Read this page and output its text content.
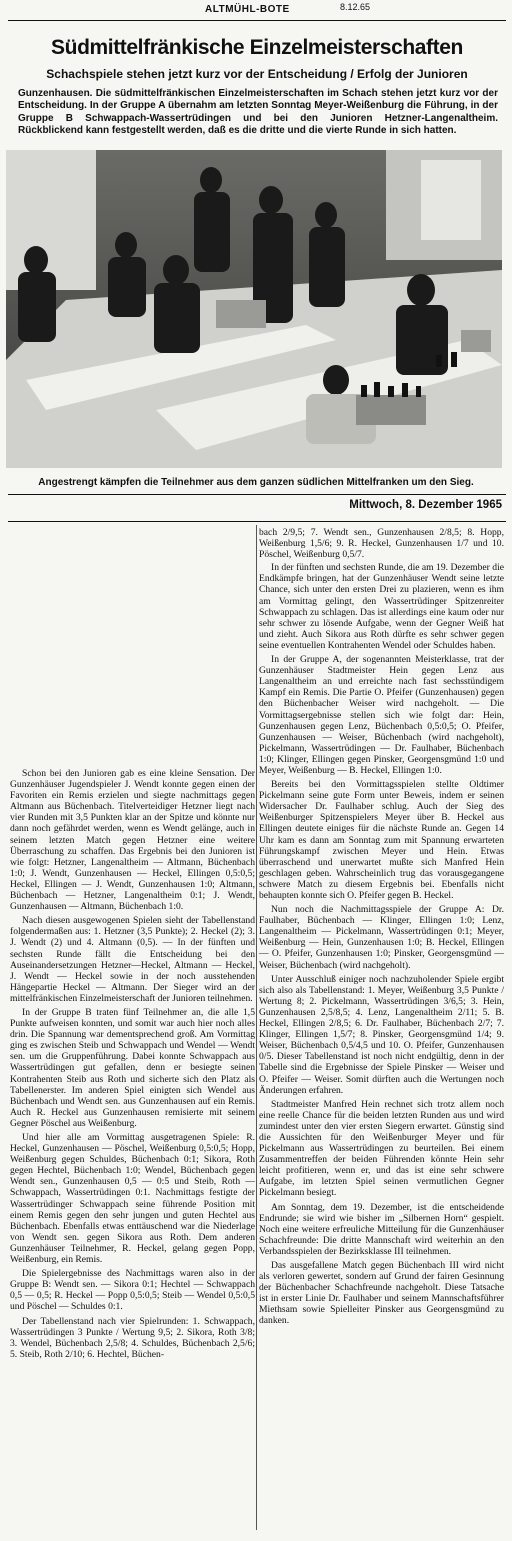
ALTMÜHL-BOTE	8.12.65
Südmittelfränkische Einzelmeisterschaften
Schachspiele stehen jetzt kurz vor der Entscheidung / Erfolg der Junioren

Gunzenhausen. Die südmittelfränkischen Einzelmeisterschaften im Schach stehen jetzt kurz vor der Entscheidung. In der Gruppe A übernahm am letzten Sonntag Meyer-Weißenburg die Führung, in der Gruppe B Schwappach-Wassertrüdingen und bei den Junioren Hetzner-Langenaltheim. Rückblickend kann festgestellt werden, daß es die dritte und die vierte Runde in sich hatten.

Angestrengt kämpfen die Teilnehmer aus dem ganzen südlichen Mittelfranken um den Sieg.

Mittwoch, 8. Dezember 1965

Schon bei den Junioren gab es eine kleine Sensation. Der Gunzenhäuser Jugendspieler J. Wendt konnte gegen einen der Favoriten ein Remis erzielen und siegte nachmittags gegen Altmann aus Büchenbach. Titelverteidiger Hetzner liegt nach vier Runden mit 3,5 Punkten klar an der Spitze und könnte nur dann noch gefährdet werden, wenn es Wendt gelänge, auch in seinem letzten Match gegen Hetzner eine weitere Überraschung zu schaffen. Das Ergebnis bei den Junioren ist wie folgt: Hetzner, Langenaltheim — Altmann, Büchenbach 1:0; J. Wendt, Gunzenhausen — Heckel, Ellingen 0,5:0,5; Heckel, Ellingen — J. Wendt, Gunzenhausen 1:0; Altmann, Büchenbach — Hetzner, Langenaltheim 0:1; J. Wendt, Gunzenhausen — Altmann, Büchenbach 1:0.

Nach diesen ausgewogenen Spielen sieht der Tabellenstand folgendermaßen aus: 1. Hetzner (3,5 Punkte); 2. Heckel (2); 3. J. Wendt (2) und 4. Altmann (0,5). — In der fünften und sechsten Runde fällt die Entscheidung bei den Auseinandersetzungen Hetzner—Heckel, Altmann — Heckel, J. Wendt — Heckel sowie in der noch ausstehenden Hängepartie Heckel — Altmann. Der Sieger wird an der mittelfränkischen Einzelmeisterschaft der Junioren teilnehmen.

In der Gruppe B traten fünf Teilnehmer an, die alle 1,5 Punkte aufweisen konnten, und somit war auch hier noch alles drin. Die Spannung war dementsprechend groß. Am Vormittag ging es zwischen Steib und Schwappach und Wendel — Wendt sen. um die Gruppenführung. Dabei konnte Schwappach aus Wassertrüdingen gut gefallen, denn er besiegte seinen Kontrahenten Steib aus Roth und sicherte sich den Platz als Tabellenerster. Im anderen Spiel einigten sich Wendel aus Büchenbach und Wendt sen. aus Gunzenhausen auf ein Remis. Auch R. Heckel aus Gunzenhausen remisierte mit seinem Gegner Pöschel aus Weißenburg.

Und hier alle am Vormittag ausgetragenen Spiele: R. Heckel, Gunzenhausen — Pöschel, Weißenburg 0,5:0,5; Hopp, Weißenburg gegen Schuldes, Büchenbach 0:1; Sikora, Roth gegen Hechtel, Büchenbach 1:0; Wendel, Büchenbach gegen Wendt sen., Gunzenhausen 0,5 — 0:5 und Steib, Roth — Schwappach, Wassertrüdingen 0:1. Nachmittags festigte der Wassertrüdinger Schwappach seine führende Position mit einem Remis gegen den sehr jungen und guten Hechtel aus Büchenbach. Ebenfalls etwas enttäuschend war die Niederlage von Wendt sen. gegen Sikora aus Roth. Dem anderen Gunzenhäuser Teilnehmer, R. Heckel, gelang gegen Popp, Weißenburg, ein Remis.

Die Spielergebnisse des Nachmittags waren also in der Gruppe B: Wendt sen. — Sikora 0:1; Hechtel — Schwappach 0,5 — 0,5; R. Heckel — Popp 0,5:0,5; Steib — Wendel 0,5:0,5 und Pöschel — Schuldes 0:1.

Der Tabellenstand nach vier Spielrunden: 1. Schwappach, Wassertrüdingen 3 Punkte / Wertung 9,5; 2. Sikora, Roth 3/8; 3. Wendel, Büchenbach 2,5/8; 4. Schuldes, Büchenbach 2,5/6; 5. Steib, Roth 2/10; 6. Hechtel, Büchen-

bach 2/9,5; 7. Wendt sen., Gunzenhausen 2/8,5; 8. Hopp, Weißenburg 1,5/6; 9. R. Heckel, Gunzenhausen 1/7 und 10. Pöschel, Weißenburg 0,5/7.

In der fünften und sechsten Runde, die am 19. Dezember die Endkämpfe bringen, hat der Gunzenhäuser Wendt seine letzte Chance, sich unter den ersten Drei zu plazieren, wenn es ihm am Vormittag gelingt, den Wassertrüdinger Spitzenreiter Schwappach zu schlagen. Das ist allerdings eine kaum oder nur sehr schwer zu lösende Aufgabe, wenn der Gegner Weiß hat und zieht. Auch Sikora aus Roth dürfte es sehr schwer gegen seine eventuellen Kontrahenten Wendel oder Schuldes haben.

In der Gruppe A, der sogenannten Meisterklasse, trat der Gunzenhäuser Stadtmeister Hein gegen Lenz aus Langenaltheim an und erreichte nach fast sechsstündigem Kampf ein Remis. Die Partie O. Pfeifer (Gunzenhausen) gegen den Büchenbacher Weiser wird nachgeholt. — Die Vormittagsergebnisse stellen sich wie folgt dar: Hein, Gunzenhausen gegen Lenz, Büchenbach 0,5:0,5; O. Pfeifer, Gunzenhausen — Weiser, Büchenbach (wird nachgeholt), Pickelmann, Wassertrüdingen — Dr. Faulhaber, Büchenbach 1:0; Klinger, Ellingen gegen Pinsker, Georgensgmünd 1:0 und Meyer, Weißenburg — B. Heckel, Ellingen 1:0.

Bereits bei den Vormittagsspielen stellte Oldtimer Pickelmann seine gute Form unter Beweis, indem er seinen Widersacher Dr. Faulhaber schlug. Auch der Sieg des Weißenburger Spitzenspielers Meyer über B. Heckel aus Ellingen deutete einiges für die nächste Runde an. Gegen 14 Uhr kam es dann am Sonntag zum mit Spannung erwarteten Führungskampf zwischen Meyer und Hein. Etwas überraschend und unerwartet mußte sich Manfred Hein geschlagen geben. Wahrscheinlich trug das vorausgegangene schwere Match zu diesem Ergebnis bei. Ebenfalls nicht behaupten konnte sich O. Pfeifer gegen B. Heckel.

Nun noch die Nachmittagsspiele der Gruppe A: Dr. Faulhaber, Büchenbach — Klinger, Ellingen 1:0; Lenz, Langenaltheim — Pickelmann, Wassertrüdingen 0:1; Meyer, Weißenburg — Hein, Gunzenhausen 1:0; B. Heckel, Ellingen — O. Pfeifer, Gunzenhausen 1:0; Pinsker, Georgensgmünd — Weiser, Büchenbach (wird nachgeholt).

Unter Ausschluß einiger noch nachzuholender Spiele ergibt sich also als Tabellenstand: 1. Meyer, Weißenburg 3,5 Punkte / Wertung 8; 2. Pickelmann, Wassertrüdingen 3/6,5; 3. Hein, Gunzenhausen 2,5/8,5; 4. Lenz, Langenaltheim 2/11; 5. B. Heckel, Ellingen 2/8,5; 6. Dr. Faulhaber, Büchenbach 2/7; 7. Klinger, Ellingen 1,5/7; 8. Pinsker, Georgensgmünd 1/4; 9. Weiser, Büchenbach 0,5/4,5 und 10. O. Pfeifer, Gunzenhausen 0/5. Dieser Tabellenstand ist noch nicht endgültig, denn in der Tabelle sind die Ergebnisse der Spiele Pinsker — Weiser und O. Pfeifer — Weiser. Somit dürften auch die Wertungen noch Änderungen erfahren.

Stadtmeister Manfred Hein rechnet sich trotz allem noch eine reelle Chance für die beiden letzten Runden aus und wird zumindest unter den vier ersten Siegern erwartet. Günstig sind die Aussichten für den Weißenburger Meyer und für Pickelmann aus Wassertrüdingen zu beurteilen. Bei einem Zusammentreffen der beiden Führenden könnte Hein sehr leicht profitieren, wenn er, und das ist eine sehr schwere Aufgabe, im letzten Spiel seinen vermutlichen Gegner Pickelmann besiegt.

Am Sonntag, dem 19. Dezember, ist die entscheidende Endrunde; sie wird wie bisher im „Silbernen Horn“ gespielt. Noch eine weitere erfreuliche Mitteilung für die Gunzenhäuser Schachfreunde: Die dritte Mannschaft wird weiterhin an den Verbandsspielen der Bezirksklasse III teilnehmen.

Das ausgefallene Match gegen Büchenbach III wird nicht als verloren gewertet, sondern auf Grund der fairen Gesinnung der Büchenbacher Schachfreunde nachgeholt. Diese Tatsache ist in erster Linie Dr. Faulhaber und seinem Mannschaftsführer Miethsam sowie Spielleiter Pinsker aus Georgensgmünd zu danken.
